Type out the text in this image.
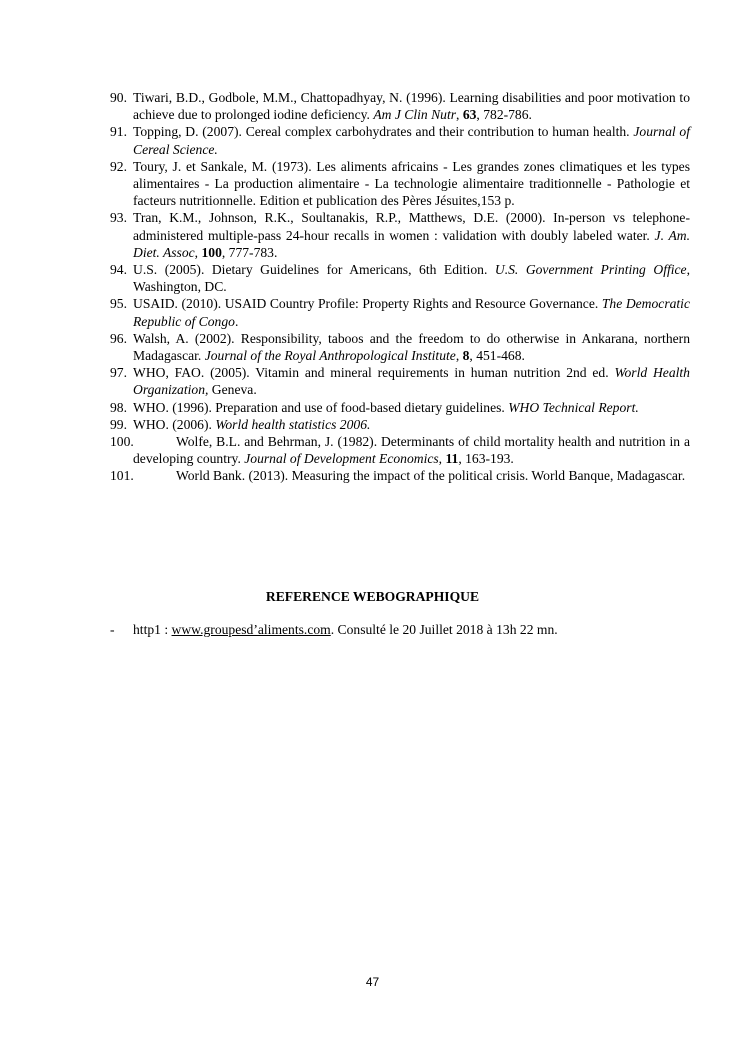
90. Tiwari, B.D., Godbole, M.M., Chattopadhyay, N. (1996). Learning disabilities and poor motivation to achieve due to prolonged iodine deficiency. Am J Clin Nutr, 63, 782-786.
91. Topping, D. (2007). Cereal complex carbohydrates and their contribution to human health. Journal of Cereal Science.
92. Toury, J. et Sankale, M. (1973). Les aliments africains - Les grandes zones climatiques et les types alimentaires - La production alimentaire - La technologie alimentaire traditionnelle - Pathologie et facteurs nutritionnelle. Edition et publication des Pères Jésuites,153 p.
93. Tran, K.M., Johnson, R.K., Soultanakis, R.P., Matthews, D.E. (2000). In-person vs telephone-administered multiple-pass 24-hour recalls in women : validation with doubly labeled water. J. Am. Diet. Assoc, 100, 777-783.
94. U.S. (2005). Dietary Guidelines for Americans, 6th Edition. U.S. Government Printing Office, Washington, DC.
95. USAID. (2010). USAID Country Profile: Property Rights and Resource Governance. The Democratic Republic of Congo.
96. Walsh, A. (2002). Responsibility, taboos and the freedom to do otherwise in Ankarana, northern Madagascar. Journal of the Royal Anthropological Institute, 8, 451-468.
97. WHO, FAO. (2005). Vitamin and mineral requirements in human nutrition 2nd ed. World Health Organization, Geneva.
98. WHO. (1996). Preparation and use of food-based dietary guidelines. WHO Technical Report.
99. WHO. (2006). World health statistics 2006.
100.	Wolfe, B.L. and Behrman, J. (1982). Determinants of child mortality health and nutrition in a developing country. Journal of Development Economics, 11, 163-193.
101.	World Bank. (2013). Measuring the impact of the political crisis. World Banque, Madagascar.
REFERENCE WEBOGRAPHIQUE
- http1 : www.groupesd’aliments.com. Consulté le 20 Juillet 2018 à 13h 22 mn.
47
